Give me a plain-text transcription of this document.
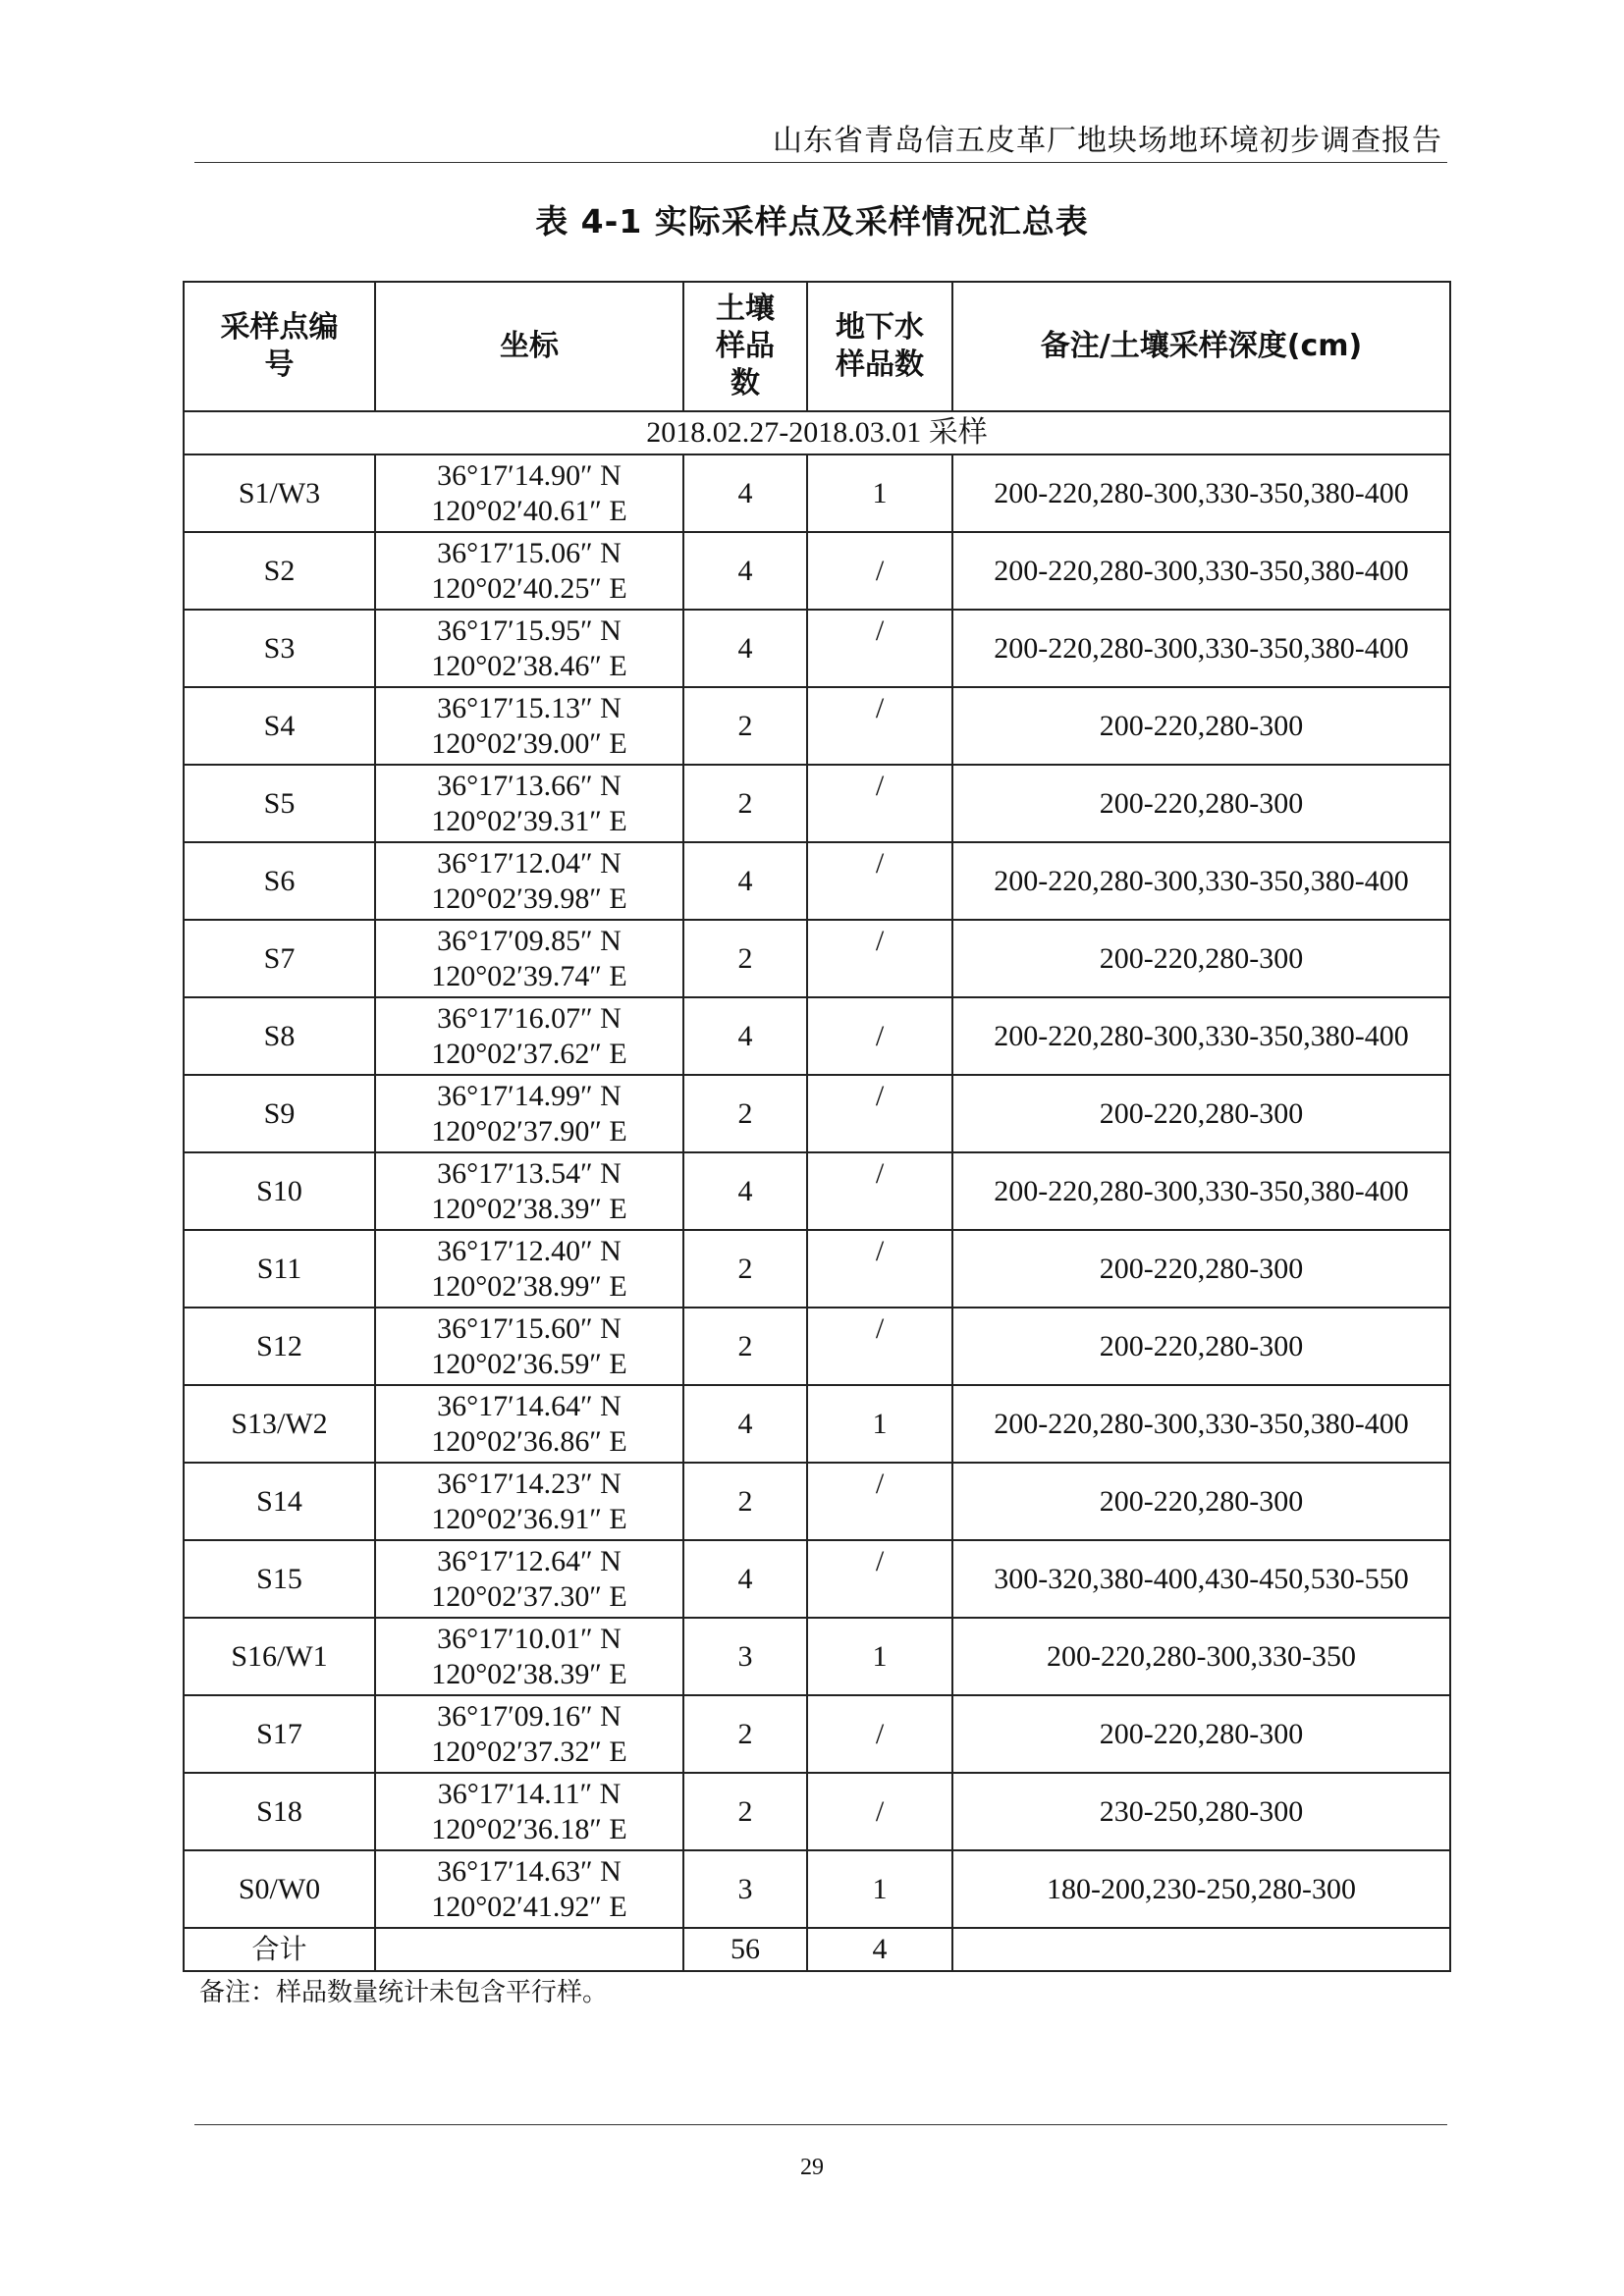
山东省青岛信五皮革厂地块场地环境初步调查报告
表 4-1 实际采样点及采样情况汇总表
采样点编
号	坐标	土壤
样品
数	地下水
样品数	备注/土壤采样深度(cm)
2018.02.27-2018.03.01 采样				
S1/W3	36°17′14.90″ N
120°02′40.61″ E	4	1	200-220,280-300,330-350,380-400
S2	36°17′15.06″ N
120°02′40.25″ E	4	/	200-220,280-300,330-350,380-400
S3	36°17′15.95″ N
120°02′38.46″ E	4	/	200-220,280-300,330-350,380-400
S4	36°17′15.13″ N
120°02′39.00″ E	2	/	200-220,280-300
S5	36°17′13.66″ N
120°02′39.31″ E	2	/	200-220,280-300
S6	36°17′12.04″ N
120°02′39.98″ E	4	/	200-220,280-300,330-350,380-400
S7	36°17′09.85″ N
120°02′39.74″ E	2	/	200-220,280-300
S8	36°17′16.07″ N
120°02′37.62″ E	4	/	200-220,280-300,330-350,380-400
S9	36°17′14.99″ N
120°02′37.90″ E	2	/	200-220,280-300
S10	36°17′13.54″ N
120°02′38.39″ E	4	/	200-220,280-300,330-350,380-400
S11	36°17′12.40″ N
120°02′38.99″ E	2	/	200-220,280-300
S12	36°17′15.60″ N
120°02′36.59″ E	2	/	200-220,280-300
S13/W2	36°17′14.64″ N
120°02′36.86″ E	4	1	200-220,280-300,330-350,380-400
S14	36°17′14.23″ N
120°02′36.91″ E	2	/	200-220,280-300
S15	36°17′12.64″ N
120°02′37.30″ E	4	/	300-320,380-400,430-450,530-550
S16/W1	36°17′10.01″ N
120°02′38.39″ E	3	1	200-220,280-300,330-350
S17	36°17′09.16″ N
120°02′37.32″ E	2	/	200-220,280-300
S18	36°17′14.11″ N
120°02′36.18″ E	2	/	230-250,280-300
S0/W0	36°17′14.63″ N
120°02′41.92″ E	3	1	180-200,230-250,280-300
合计		56	4	
备注：样品数量统计未包含平行样。
29
